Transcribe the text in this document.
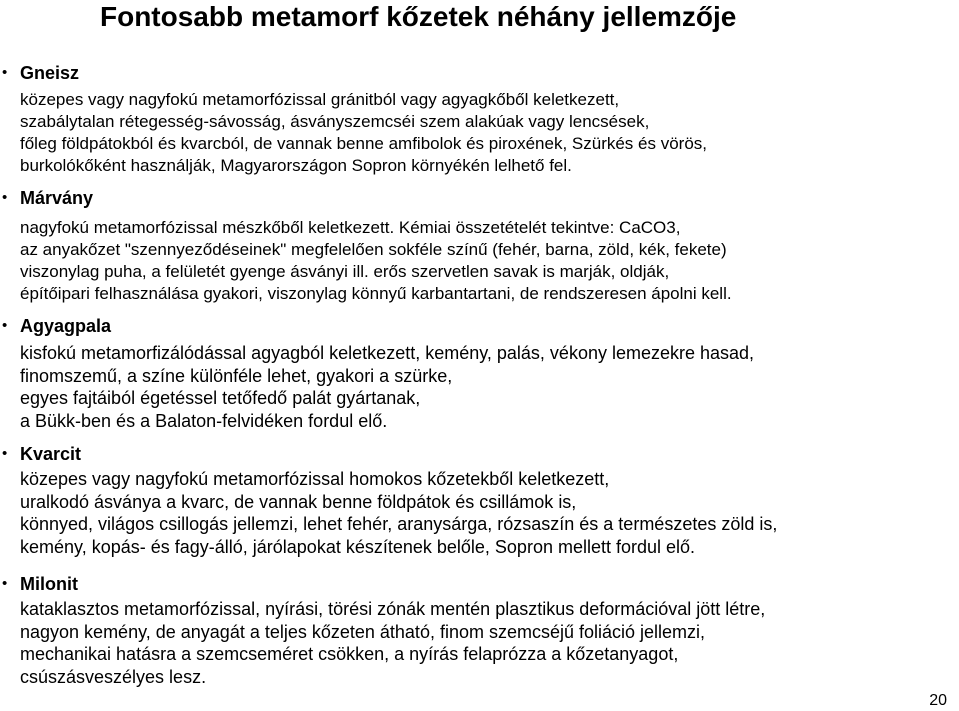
Fontosabb metamorf kőzetek néhány jellemzője
• Gneisz
közepes vagy nagyfokú metamorfózissal gránitból vagy agyagkőből keletkezett,
szabálytalan rétegesség-sávosság, ásványszemcséi szem alakúak vagy lencsések,
főleg földpátokból és kvarcból, de vannak benne amfibolok és piroxének, Szürkés és vörös,
burkolókőként használják, Magyarországon Sopron környékén lelhető fel.
• Márvány
nagyfokú metamorfózissal mészkőből keletkezett. Kémiai összetételét tekintve: CaCO3,
az anyakőzet "szennyeződéseinek" megfelelően sokféle színű (fehér, barna, zöld, kék, fekete)
viszonylag puha, a felületét gyenge ásványi ill. erős szervetlen savak is marják, oldják,
építőipari felhasználása gyakori, viszonylag könnyű karbantartani, de rendszeresen ápolni kell.
• Agyagpala
kisfokú metamorfizálódással agyagból keletkezett, kemény, palás, vékony lemezekre hasad,
finomszemű, a színe különféle lehet, gyakori a szürke,
egyes fajtáiból égetéssel tetőfedő palát gyártanak,
a Bükk-ben és a Balaton-felvidéken fordul elő.
• Kvarcit
közepes vagy nagyfokú metamorfózissal homokos kőzetekből keletkezett,
uralkodó ásványa a kvarc, de vannak benne földpátok és csillámok is,
könnyed, világos csillogás jellemzi, lehet fehér, aranysárga, rózsaszín és a természetes zöld is,
kemény, kopás- és fagy-álló, járólapokat készítenek belőle, Sopron mellett fordul elő.
• Milonit
kataklasztos metamorfózissal, nyírási, törési zónák mentén plasztikus deformációval jött létre,
nagyon kemény, de anyagát a teljes kőzeten átható, finom szemcséjű foliáció jellemzi,
mechanikai hatásra a szemcseméret csökken, a nyírás felaprózza a kőzetanyagot,
csúszásveszélyes lesz.
20
